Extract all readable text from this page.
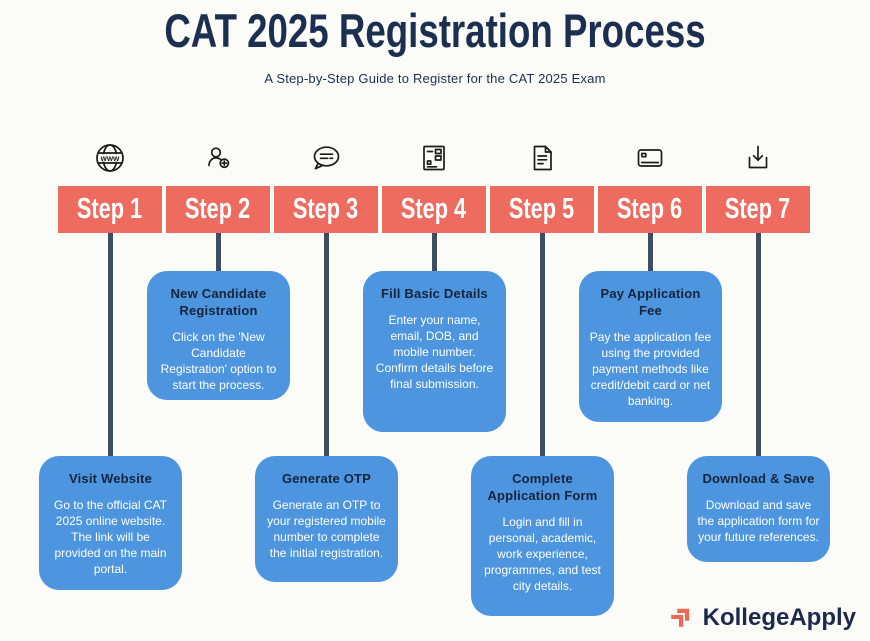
CAT 2025 Registration Process
A Step-by-Step Guide to Register for the CAT 2025 Exam
www
Step 1 Step 2 Step 3 Step 4 Step 5 Step 6 Step 7
Visit Website

Go to the official CAT 2025 online website. The link will be provided on the main portal.

New Candidate Registration

Click on the 'New Candidate Registration' option to start the process.

Generate OTP

Generate an OTP to your registered mobile number to complete the initial registration.

Fill Basic Details

Enter your name, email, DOB, and mobile number. Confirm details before final submission.

Complete Application Form

Login and fill in personal, academic, work experience, programmes, and test city details.

Pay Application Fee

Pay the application fee using the provided payment methods like credit/debit card or net banking.

Download & Save

Download and save the application form for your future references.

KollegeApply
